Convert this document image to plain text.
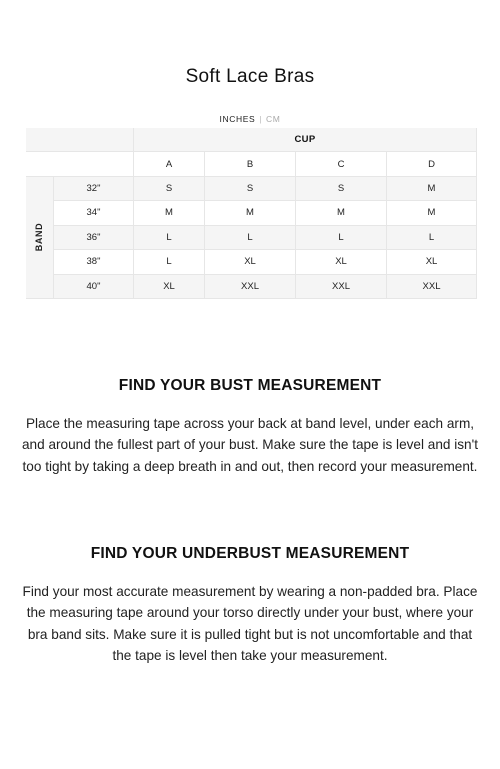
Soft Lace Bras
INCHES | CM
CUP
A	B	C	D
BAND
32"	S	S	S	M
34"	M	M	M	M
36"	L	L	L	L
38"	L	XL	XL	XL
40"	XL	XXL	XXL	XXL
FIND YOUR BUST MEASUREMENT
Place the measuring tape across your back at band level, under each arm, and around the fullest part of your bust. Make sure the tape is level and isn't too tight by taking a deep breath in and out, then record your measurement.
FIND YOUR UNDERBUST MEASUREMENT
Find your most accurate measurement by wearing a non-padded bra. Place the measuring tape around your torso directly under your bust, where your bra band sits. Make sure it is pulled tight but is not uncomfortable and that the tape is level then take your measurement.
